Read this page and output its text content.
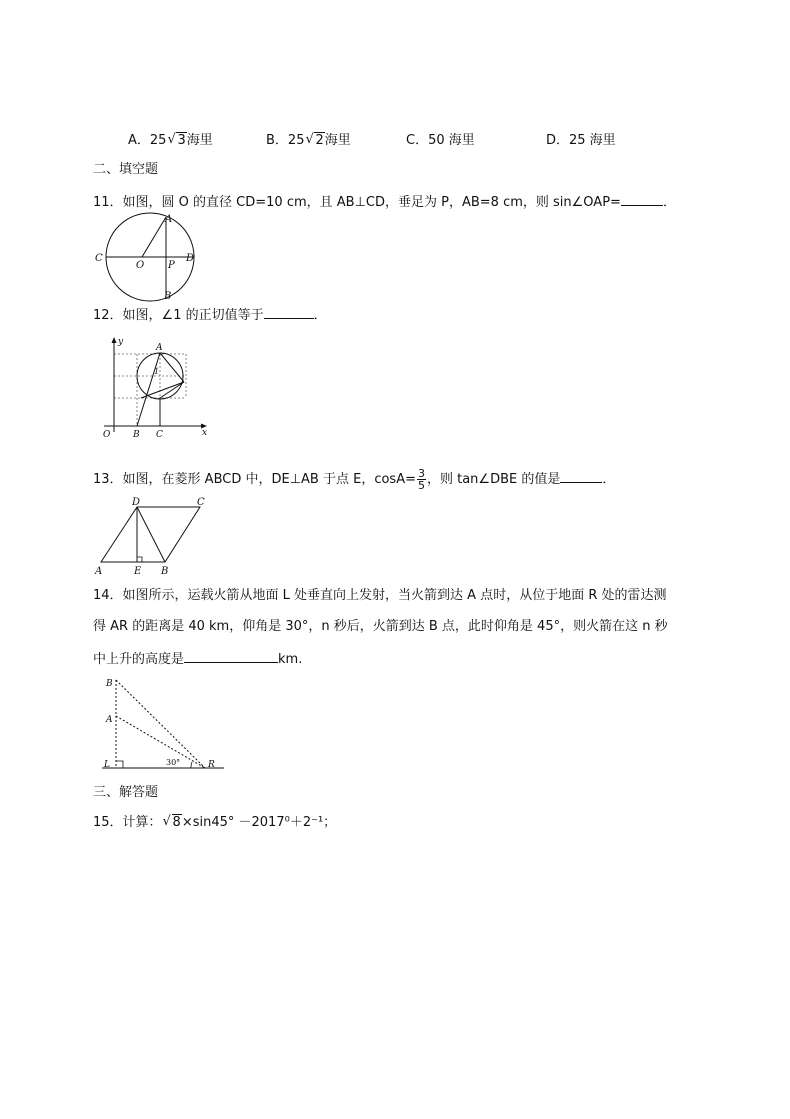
A．25 √ 3海里	B．25 √ 2海里	C．50 海里	D．25 海里
二、填空题
11．如图，圆 O 的直径 CD=10 cm，且 AB⊥CD，垂足为 P，AB=8 cm，则 sin∠OAP=	．
A
B
C	D
O P
12．如图，∠1 的正切值等于	．
y
x
O
A
B C
1
13．如图，在菱形 ABCD 中，DE⊥AB 于点 E，$\cos A= \frac{3}{5}$ ，则 tan∠DBE 的值是	．
A	B
C
D
E
14．如图所示，运载火箭从地面 L 处垂直向上发射，当火箭到达 A 点时，从位于地面 R 处的雷达测
得 AR 的距离是 40 km，仰角是 30°，n 秒后，火箭到达 B 点，此时仰角是 45°，则火箭在这 n 秒
中上升的高度是	km.
B
A
L	R
30°
三、解答题
15．计算： √ 8×sin45° －2017⁰＋2⁻¹；
